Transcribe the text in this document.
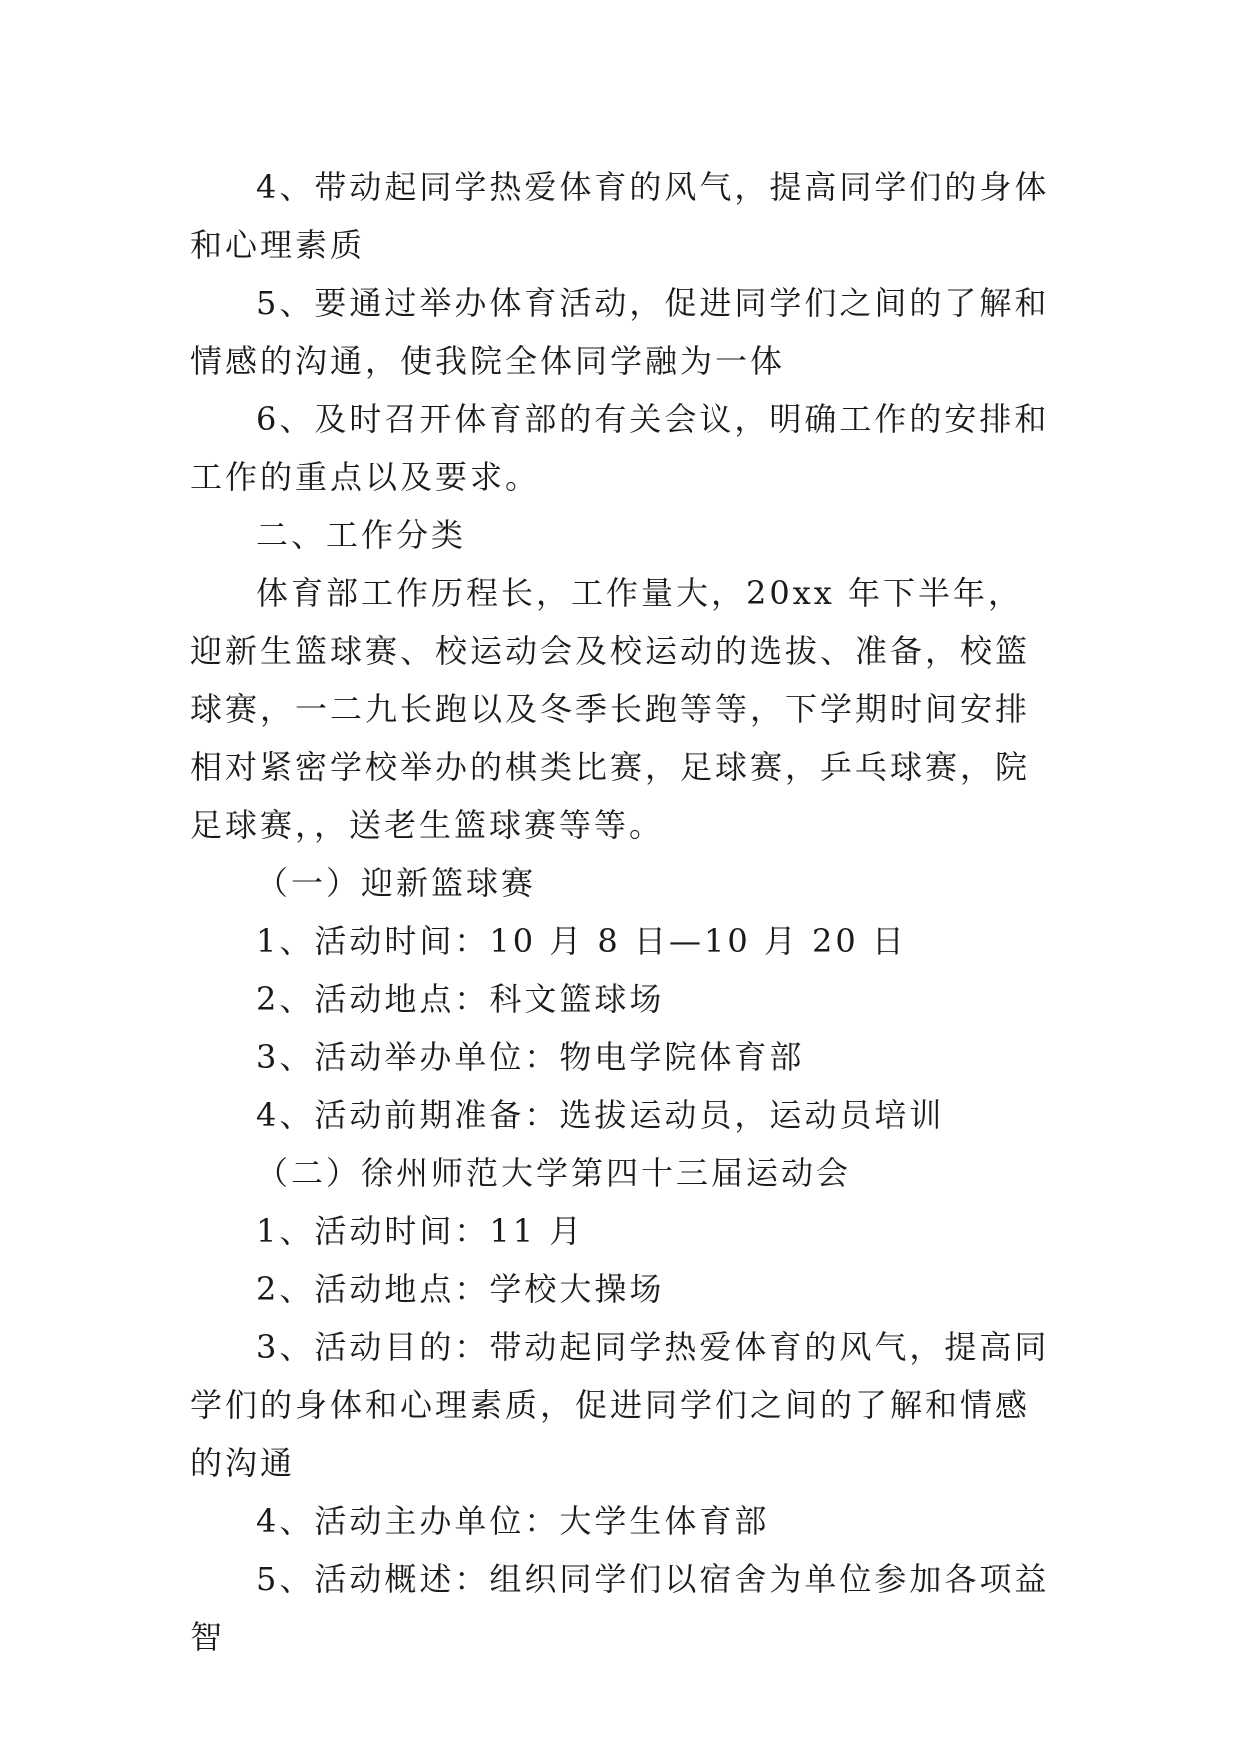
4、带动起同学热爱体育的风气，提高同学们的身体和心理素质

5、要通过举办体育活动，促进同学们之间的了解和情感的沟通，使我院全体同学融为一体

6、及时召开体育部的有关会议，明确工作的安排和工作的重点以及要求。

二、工作分类

体育部工作历程长，工作量大，20xx 年下半年，迎新生篮球赛、校运动会及校运动的选拔、准备，校篮球赛，一二九长跑以及冬季长跑等等，下学期时间安排相对紧密学校举办的棋类比赛，足球赛，乒乓球赛，院足球赛，，送老生篮球赛等等。

（一）迎新篮球赛

1、活动时间：10 月 8 日—10 月 20 日

2、活动地点：科文篮球场

3、活动举办单位：物电学院体育部

4、活动前期准备：选拔运动员，运动员培训

（二）徐州师范大学第四十三届运动会

1、活动时间：11 月

2、活动地点：学校大操场

3、活动目的：带动起同学热爱体育的风气，提高同学们的身体和心理素质，促进同学们之间的了解和情感的沟通

4、活动主办单位：大学生体育部

5、活动概述：组织同学们以宿舍为单位参加各项益智
